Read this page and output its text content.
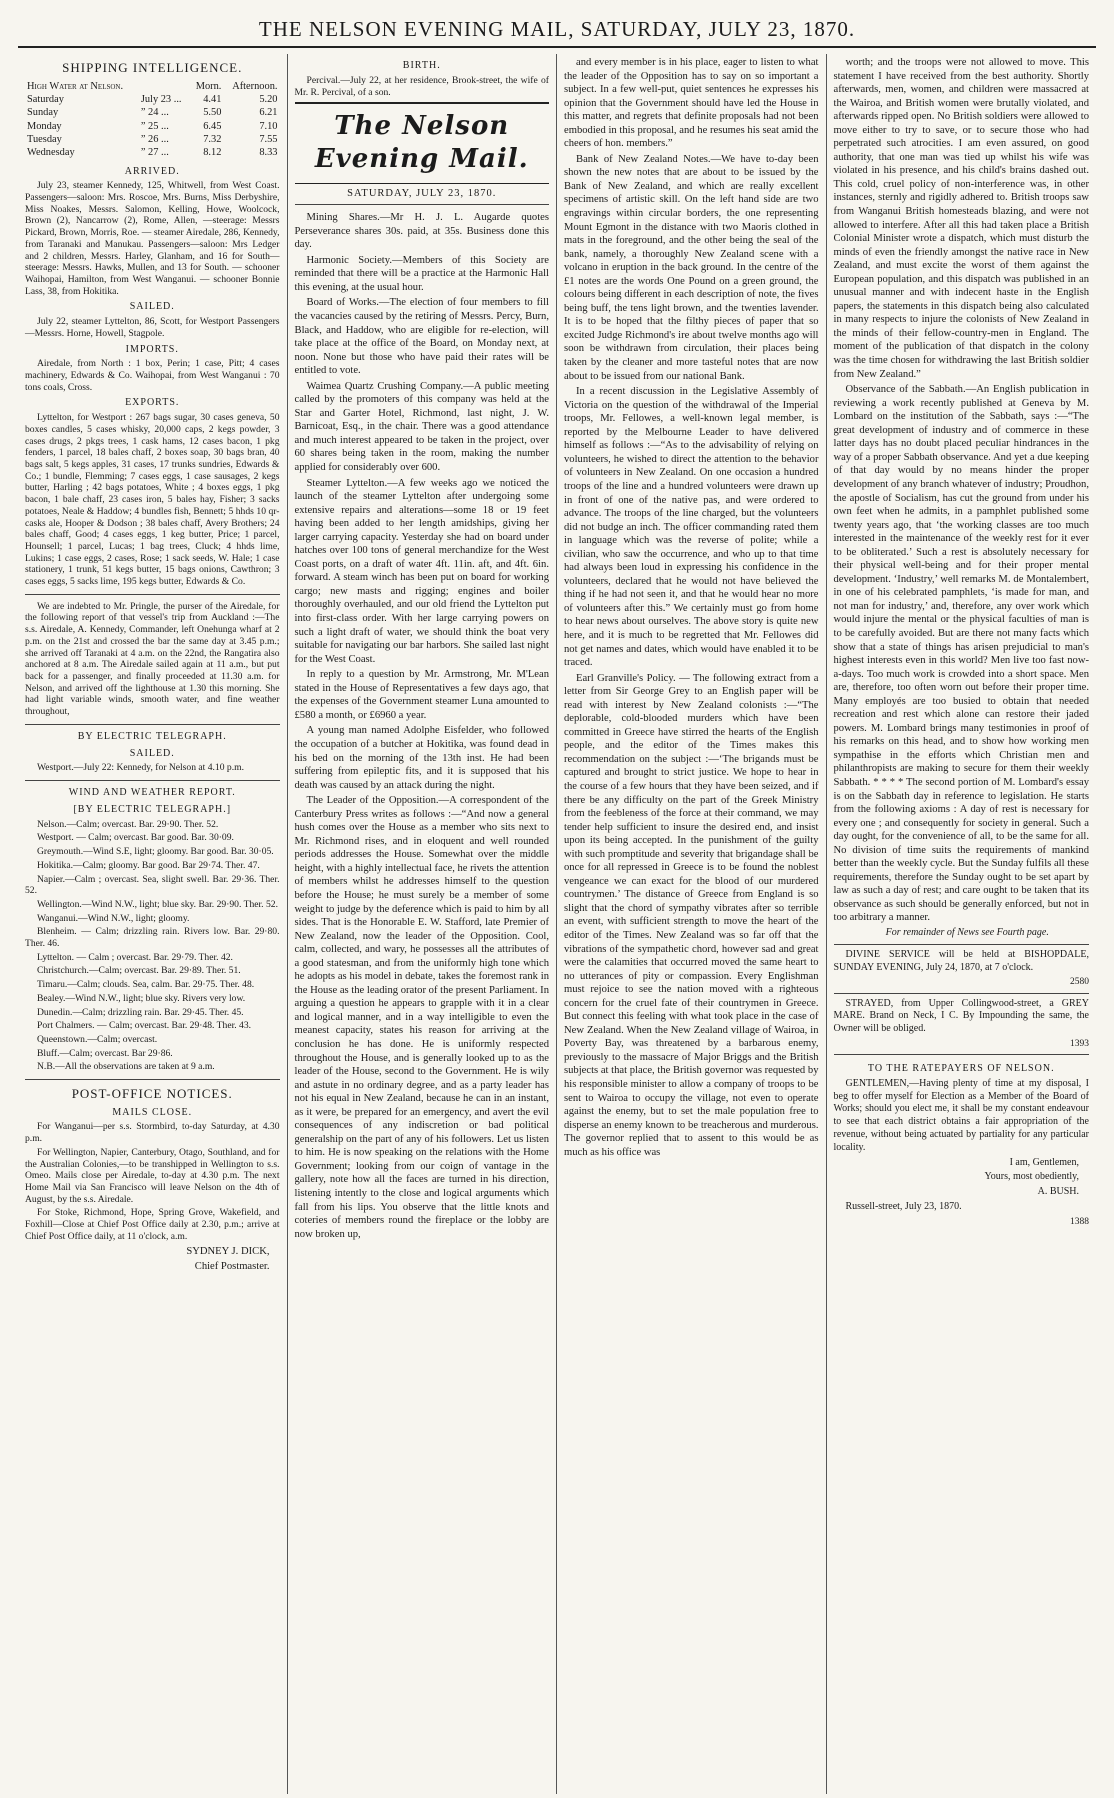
THE NELSON EVENING MAIL, SATURDAY, JULY 23, 1870.
SHIPPING INTELLIGENCE.
High Water at Nelson.		Morn.	Afternoon.
Saturday	July 23 ...	4.41	5.20
Sunday	” 24 ...	5.50	6.21
Monday	” 25 ...	6.45	7.10
Tuesday	” 26 ...	7.32	7.55
Wednesday	” 27 ...	8.12	8.33
ARRIVED.

July 23, steamer Kennedy, 125, Whitwell, from West Coast. Passengers—saloon: Mrs. Roscoe, Mrs. Burns, Miss Derbyshire, Miss Noakes, Messrs. Salomon, Kelling, Howe, Woolcock, Brown (2), Nancarrow (2), Rome, Allen, —steerage: Messrs Pickard, Brown, Morris, Roe. — steamer Airedale, 286, Kennedy, from Taranaki and Manukau. Passengers—saloon: Mrs Ledger and 2 children, Messrs. Harley, Glanham, and 16 for South—steerage: Messrs. Hawks, Mullen, and 13 for South. — schooner Waihopai, Hamilton, from West Wanganui. — schooner Bonnie Lass, 38, from Hokitika.

SAILED.

July 22, steamer Lyttelton, 86, Scott, for Westport Passengers—Messrs. Horne, Howell, Stagpole.

IMPORTS.

Airedale, from North : 1 box, Perin; 1 case, Pitt; 4 cases machinery, Edwards & Co. Waihopai, from West Wanganui : 70 tons coals, Cross.

EXPORTS.

Lyttelton, for Westport : 267 bags sugar, 30 cases geneva, 50 boxes candles, 5 cases whisky, 20,000 caps, 2 kegs powder, 3 cases drugs, 2 pkgs trees, 1 cask hams, 12 cases bacon, 1 pkg fenders, 1 parcel, 18 bales chaff, 2 boxes soap, 30 bags bran, 40 bags salt, 5 kegs apples, 31 cases, 17 trunks sundries, Edwards & Co.; 1 bundle, Flemming; 7 cases eggs, 1 case sausages, 2 kegs butter, Harling ; 42 bags potatoes, White ; 4 boxes eggs, 1 pkg bacon, 1 bale chaff, 23 cases iron, 5 bales hay, Fisher; 3 sacks potatoes, Neale & Haddow; 4 bundles fish, Bennett; 5 hhds 10 qr-casks ale, Hooper & Dodson ; 38 bales chaff, Avery Brothers; 24 bales chaff, Good; 4 cases eggs, 1 keg butter, Price; 1 parcel, Hounsell; 1 parcel, Lucas; 1 bag trees, Cluck; 4 hhds lime, Lukins; 1 case eggs, 2 cases, Rose; 1 sack seeds, W. Hale; 1 case stationery, 1 trunk, 51 kegs butter, 15 bags onions, Cawthron; 3 cases eggs, 5 sacks lime, 195 kegs butter, Edwards & Co.

We are indebted to Mr. Pringle, the purser of the Airedale, for the following report of that vessel's trip from Auckland :—The s.s. Airedale, A. Kennedy, Commander, left Onehunga wharf at 2 p.m. on the 21st and crossed the bar the same day at 3.45 p.m.; she arrived off Taranaki at 4 a.m. on the 22nd, the Rangatira also anchored at 8 a.m. The Airedale sailed again at 11 a.m., but put back for a passenger, and finally proceeded at 11.30 a.m. for Nelson, and arrived off the lighthouse at 1.30 this morning. She had light variable winds, smooth water, and fine weather throughout,

BY ELECTRIC TELEGRAPH.
SAILED.

Westport.—July 22: Kennedy, for Nelson at 4.10 p.m.

WIND AND WEATHER REPORT.
[BY ELECTRIC TELEGRAPH.]

Nelson.—Calm; overcast. Bar. 29·90. Ther. 52.

Westport. — Calm; overcast. Bar good. Bar. 30·09.

Greymouth.—Wind S.E, light; gloomy. Bar good. Bar. 30·05.

Hokitika.—Calm; gloomy. Bar good. Bar 29·74. Ther. 47.

Napier.—Calm ; overcast. Sea, slight swell. Bar. 29·36. Ther. 52.

Wellington.—Wind N.W., light; blue sky. Bar. 29·90. Ther. 52.

Wanganui.—Wind N.W., light; gloomy.

Blenheim. — Calm; drizzling rain. Rivers low. Bar. 29·80. Ther. 46.

Lyttelton. — Calm ; overcast. Bar. 29·79. Ther. 42.

Christchurch.—Calm; overcast. Bar. 29·89. Ther. 51.

Timaru.—Calm; clouds. Sea, calm. Bar. 29·75. Ther. 48.

Bealey.—Wind N.W., light; blue sky. Rivers very low.

Dunedin.—Calm; drizzling rain. Bar. 29·45. Ther. 45.

Port Chalmers. — Calm; overcast. Bar. 29·48. Ther. 43.

Queenstown.—Calm; overcast.

Bluff.—Calm; overcast. Bar 29·86.

N.B.—All the observations are taken at 9 a.m.

POST-OFFICE NOTICES.
MAILS CLOSE.

For Wanganui—per s.s. Stormbird, to-day Saturday, at 4.30 p.m.

For Wellington, Napier, Canterbury, Otago, Southland, and for the Australian Colonies,—to be transhipped in Wellington to s.s. Omeo. Mails close per Airedale, to-day at 4.30 p.m. The next Home Mail via San Francisco will leave Nelson on the 4th of August, by the s.s. Airedale.

For Stoke, Richmond, Hope, Spring Grove, Wakefield, and Foxhill—Close at Chief Post Office daily at 2.30, p.m.; arrive at Chief Post Office daily, at 11 o'clock, a.m.

SYDNEY J. DICK,

Chief Postmaster.

BIRTH.

Percival.—July 22, at her residence, Brook-street, the wife of Mr. R. Percival, of a son.

The Nelson Evening Mail.
SATURDAY, JULY 23, 1870.

Mining Shares.—Mr H. J. L. Augarde quotes Perseverance shares 30s. paid, at 35s. Business done this day.

Harmonic Society.—Members of this Society are reminded that there will be a practice at the Harmonic Hall this evening, at the usual hour.

Board of Works.—The election of four members to fill the vacancies caused by the retiring of Messrs. Percy, Burn, Black, and Haddow, who are eligible for re-election, will take place at the office of the Board, on Monday next, at noon. None but those who have paid their rates will be entitled to vote.

Waimea Quartz Crushing Company.—A public meeting called by the promoters of this company was held at the Star and Garter Hotel, Richmond, last night, J. W. Barnicoat, Esq., in the chair. There was a good attendance and much interest appeared to be taken in the project, over 60 shares being taken in the room, making the number applied for considerably over 600.

Steamer Lyttelton.—A few weeks ago we noticed the launch of the steamer Lyttelton after undergoing some extensive repairs and alterations—some 18 or 19 feet having been added to her length amidships, giving her larger carrying capacity. Yesterday she had on board under hatches over 100 tons of general merchandize for the West Coast ports, on a draft of water 4ft. 11in. aft, and 4ft. 6in. forward. A steam winch has been put on board for working cargo; new masts and rigging; engines and boiler thoroughly overhauled, and our old friend the Lyttelton put into first-class order. With her large carrying powers on such a light draft of water, we should think the boat very suitable for navigating our bar harbors. She sailed last night for the West Coast.

In reply to a question by Mr. Armstrong, Mr. M'Lean stated in the House of Representatives a few days ago, that the expenses of the Government steamer Luna amounted to £580 a month, or £6960 a year.

A young man named Adolphe Eisfelder, who followed the occupation of a butcher at Hokitika, was found dead in his bed on the morning of the 13th inst. He had been suffering from epileptic fits, and it is supposed that his death was caused by an attack during the night.

The Leader of the Opposition.—A correspondent of the Canterbury Press writes as follows :—“And now a general hush comes over the House as a member who sits next to Mr. Richmond rises, and in eloquent and well rounded periods addresses the House. Somewhat over the middle height, with a highly intellectual face, he rivets the attention of members whilst he addresses himself to the question before the House; he must surely be a member of some weight to judge by the deference which is paid to him by all sides. That is the Honorable E. W. Stafford, late Premier of New Zealand, now the leader of the Opposition. Cool, calm, collected, and wary, he possesses all the attributes of a good statesman, and from the uniformly high tone which he adopts as his model in debate, takes the foremost rank in the House as the leading orator of the present Parliament. In arguing a question he appears to grapple with it in a clear and logical manner, and in a way intelligible to even the meanest capacity, states his reason for arriving at the conclusion he has done. He is uniformly respected throughout the House, and is generally looked up to as the leader of the House, second to the Government. He is wily and astute in no ordinary degree, and as a party leader has not his equal in New Zealand, because he can in an instant, as it were, be prepared for an emergency, and avert the evil consequences of any indiscretion or bad political generalship on the part of any of his followers. Let us listen to him. He is now speaking on the relations with the Home Government; looking from our coign of vantage in the gallery, note how all the faces are turned in his direction, listening intently to the close and logical arguments which fall from his lips. You observe that the little knots and coteries of members round the fireplace or the lobby are now broken up,

and every member is in his place, eager to listen to what the leader of the Opposition has to say on so important a subject. In a few well-put, quiet sentences he expresses his opinion that the Government should have led the House in this matter, and regrets that definite proposals had not been embodied in this proposal, and he resumes his seat amid the cheers of hon. members.”

Bank of New Zealand Notes.—We have to-day been shown the new notes that are about to be issued by the Bank of New Zealand, and which are really excellent specimens of artistic skill. On the left hand side are two engravings within circular borders, the one representing Mount Egmont in the distance with two Maoris clothed in mats in the foreground, and the other being the seal of the bank, namely, a thoroughly New Zealand scene with a volcano in eruption in the back ground. In the centre of the £1 notes are the words One Pound on a green ground, the colours being different in each description of note, the fives being buff, the tens light brown, and the twenties lavender. It is to be hoped that the filthy pieces of paper that so excited Judge Richmond's ire about twelve months ago will soon be withdrawn from circulation, their places being taken by the cleaner and more tasteful notes that are now about to be issued from our national Bank.

In a recent discussion in the Legislative Assembly of Victoria on the question of the withdrawal of the Imperial troops, Mr. Fellowes, a well-known legal member, is reported by the Melbourne Leader to have delivered himself as follows :—“As to the advisability of relying on volunteers, he wished to direct the attention to the behavior of volunteers in New Zealand. On one occasion a hundred troops of the line and a hundred volunteers were drawn up in front of one of the native pas, and were ordered to advance. The troops of the line charged, but the volunteers did not budge an inch. The officer commanding rated them in language which was the reverse of polite; while a civilian, who saw the occurrence, and who up to that time had always been loud in expressing his confidence in the volunteers, declared that he would not have believed the thing if he had not seen it, and that he would hear no more of volunteers after this.” We certainly must go from home to hear news about ourselves. The above story is quite new here, and it is much to be regretted that Mr. Fellowes did not get names and dates, which would have enabled it to be traced.

Earl Granville's Policy. — The following extract from a letter from Sir George Grey to an English paper will be read with interest by New Zealand colonists :—“The deplorable, cold-blooded murders which have been committed in Greece have stirred the hearts of the English people, and the editor of the Times makes this recommendation on the subject :—‘The brigands must be captured and brought to strict justice. We hope to hear in the course of a few hours that they have been seized, and if there be any difficulty on the part of the Greek Ministry from the feebleness of the force at their command, we may tender help sufficient to insure the desired end, and insist upon its being accepted. In the punishment of the guilty with such promptitude and severity that brigandage shall be once for all repressed in Greece is to be found the noblest vengeance we can exact for the blood of our murdered countrymen.’ The distance of Greece from England is so slight that the chord of sympathy vibrates after so terrible an event, with sufficient strength to move the heart of the editor of the Times. New Zealand was so far off that the vibrations of the sympathetic chord, however sad and great were the calamities that occurred moved the same heart to no utterances of pity or compassion. Every Englishman must rejoice to see the nation moved with a righteous concern for the cruel fate of their countrymen in Greece. But connect this feeling with what took place in the case of New Zealand. When the New Zealand village of Wairoa, in Poverty Bay, was threatened by a barbarous enemy, previously to the massacre of Major Briggs and the British subjects at that place, the British governor was requested by his responsible minister to allow a company of troops to be sent to Wairoa to occupy the village, not even to operate against the enemy, but to set the male population free to disperse an enemy known to be treacherous and murderous. The governor replied that to assent to this would be as much as his office was

worth; and the troops were not allowed to move. This statement I have received from the best authority. Shortly afterwards, men, women, and children were massacred at the Wairoa, and British women were brutally violated, and afterwards ripped open. No British soldiers were allowed to move either to try to save, or to secure those who had perpetrated such atrocities. I am even assured, on good authority, that one man was tied up whilst his wife was violated in his presence, and his child's brains dashed out. This cold, cruel policy of non-interference was, in other instances, sternly and rigidly adhered to. British troops saw from Wanganui British homesteads blazing, and were not allowed to interfere. After all this had taken place a British Colonial Minister wrote a dispatch, which must disturb the minds of even the friendly amongst the native race in New Zealand, and must excite the worst of them against the European population, and this dispatch was published in an unusual manner and with indecent haste in the English papers, the statements in this dispatch being also calculated in many respects to injure the colonists of New Zealand in the minds of their fellow-country-men in England. The moment of the publication of that dispatch in the colony was the time chosen for withdrawing the last British soldier from New Zealand.”

Observance of the Sabbath.—An English publication in reviewing a work recently published at Geneva by M. Lombard on the institution of the Sabbath, says :—“The great development of industry and of commerce in these latter days has no doubt placed peculiar hindrances in the way of a proper Sabbath observance. And yet a due keeping of that day would by no means hinder the proper development of any branch whatever of industry; Proudhon, the apostle of Socialism, has cut the ground from under his own feet when he admits, in a pamphlet published some twenty years ago, that ‘the working classes are too much interested in the maintenance of the weekly rest for it ever to be obliterated.’ Such a rest is absolutely necessary for their physical well-being and for their proper mental development. ‘Industry,’ well remarks M. de Montalembert, in one of his celebrated pamphlets, ‘is made for man, and not man for industry,’ and, therefore, any over work which would injure the mental or the physical faculties of man is to be carefully avoided. But are there not many facts which show that a state of things has arisen prejudicial to man's highest interests even in this world? Men live too fast now-a-days. Too much work is crowded into a short space. Men are, therefore, too often worn out before their proper time. Many employés are too busied to obtain that needed recreation and rest which alone can restore their jaded powers. M. Lombard brings many testimonies in proof of his remarks on this head, and to show how working men sympathise in the efforts which Christian men and philanthropists are making to secure for them their weekly Sabbath. * * * * The second portion of M. Lombard's essay is on the Sabbath day in reference to legislation. He starts from the following axioms : A day of rest is necessary for every one ; and consequently for society in general. Such a day ought, for the convenience of all, to be the same for all. No division of time suits the requirements of mankind better than the weekly cycle. But the Sunday fulfils all these requirements, therefore the Sunday ought to be set apart by law as such a day of rest; and care ought to be taken that its observance as such should be generally enforced, but not in too arbitrary a manner.

For remainder of News see Fourth page.

DIVINE SERVICE will be held at BISHOPDALE, SUNDAY EVENING, July 24, 1870, at 7 o'clock.

2580

STRAYED, from Upper Collingwood-street, a GREY MARE. Brand on Neck, I C. By Impounding the same, the Owner will be obliged.

1393
TO THE RATEPAYERS OF NELSON.

GENTLEMEN,—Having plenty of time at my disposal, I beg to offer myself for Election as a Member of the Board of Works; should you elect me, it shall be my constant endeavour to see that each district obtains a fair appropriation of the revenue, without being actuated by partiality for any particular locality.

I am, Gentlemen,

Yours, most obediently,

A. BUSH.

Russell-street, July 23, 1870.

1388
